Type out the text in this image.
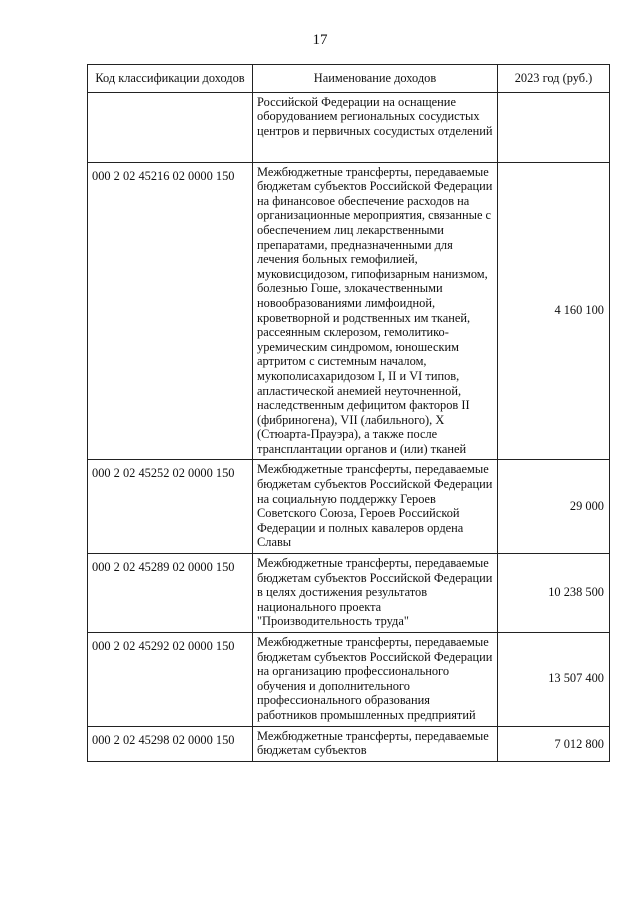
17
Код классификации доходов	Наименование доходов	2023 год (руб.)
	Российской Федерации на оснащение оборудованием региональных сосудистых центров и первичных сосудистых отделений	
000 2 02 45216 02 0000 150	Межбюджетные трансферты, передаваемые бюджетам субъектов Российской Федерации на финансовое обеспечение расходов на организационные мероприятия, связанные с обеспечением лиц лекарственными препаратами, предназначенными для лечения больных гемофилией, муковисцидозом, гипофизарным нанизмом, болезнью Гоше, злокачественными новообразованиями лимфоидной, кроветворной и родственных им тканей, рассеянным склерозом, гемолитико-уремическим синдромом, юношеским артритом с системным началом, мукополисахаридозом I, II и VI типов, апластической анемией неуточненной, наследственным дефицитом факторов II (фибриногена), VII (лабильного), X (Стюарта-Прауэра), а также после трансплантации органов и (или) тканей	4 160 100
000 2 02 45252 02 0000 150	Межбюджетные трансферты, передаваемые бюджетам субъектов Российской Федерации на социальную поддержку Героев Советского Союза, Героев Российской Федерации и полных кавалеров ордена Славы	29 000
000 2 02 45289 02 0000 150	Межбюджетные трансферты, передаваемые бюджетам субъектов Российской Федерации в целях достижения результатов национального проекта "Производительность труда"	10 238 500
000 2 02 45292 02 0000 150	Межбюджетные трансферты, передаваемые бюджетам субъектов Российской Федерации на организацию профессионального обучения и дополнительного профессионального образования работников промышленных предприятий	13 507 400
000 2 02 45298 02 0000 150	Межбюджетные трансферты, передаваемые бюджетам субъектов	7 012 800
